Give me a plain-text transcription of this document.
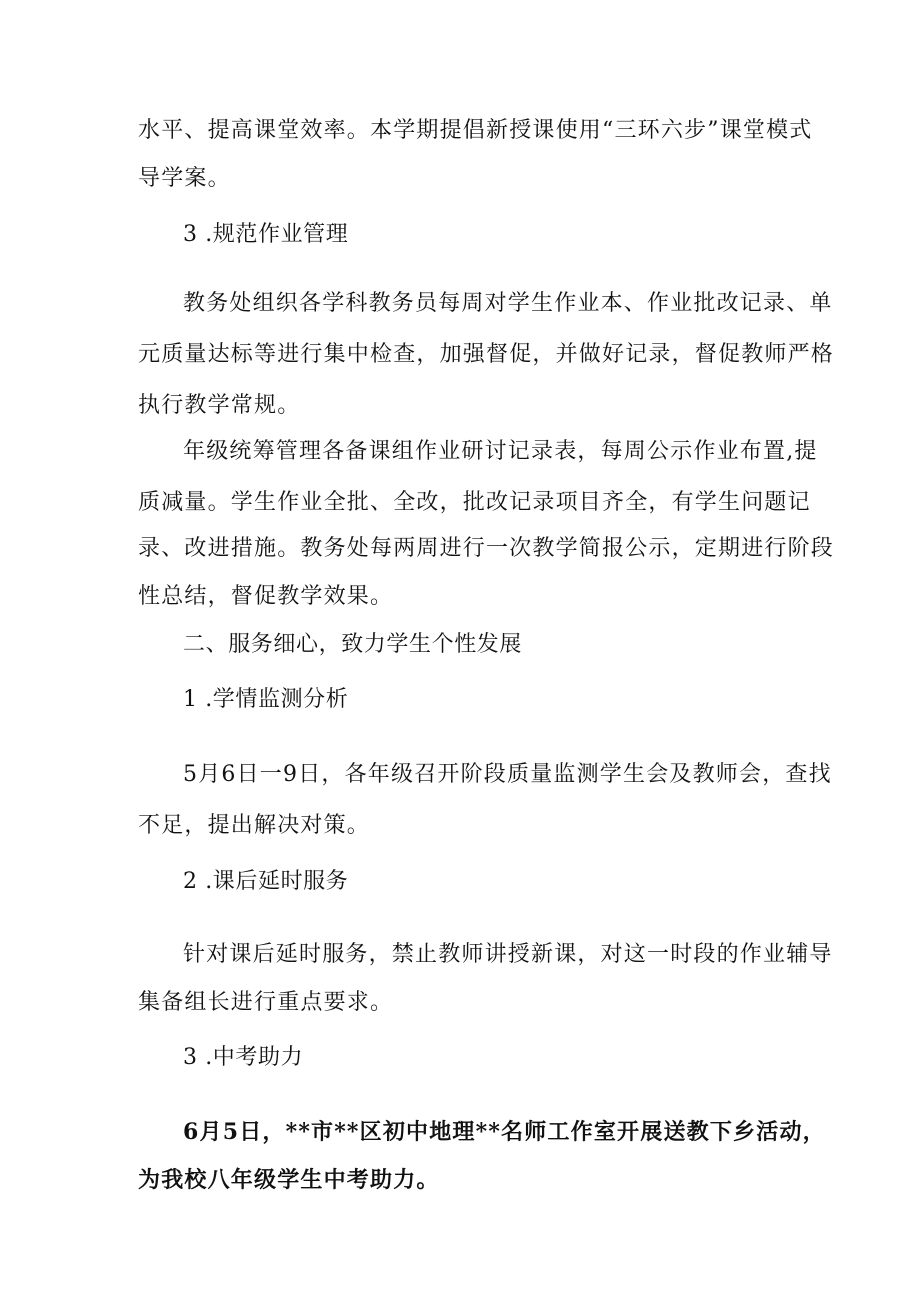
水平、提高课堂效率。本学期提倡新授课使用“三环六步”课堂模式
导学案。
3 .规范作业管理
教务处组织各学科教务员每周对学生作业本、作业批改记录、单
元质量达标等进行集中检查，加强督促，并做好记录，督促教师严格
执行教学常规。
年级统筹管理各备课组作业研讨记录表，每周公示作业布置,提
质减量。学生作业全批、全改，批改记录项目齐全，有学生问题记
录、改进措施。教务处每两周进行一次教学简报公示，定期进行阶段
性总结，督促教学效果。
二、服务细心，致力学生个性发展
1 .学情监测分析
5月6日一9日，各年级召开阶段质量监测学生会及教师会，查找
不足，提出解决对策。
2 .课后延时服务
针对课后延时服务，禁止教师讲授新课，对这一时段的作业辅导
集备组长进行重点要求。
3 .中考助力
6月5日，**市**区初中地理**名师工作室开展送教下乡活动，
为我校八年级学生中考助力。
